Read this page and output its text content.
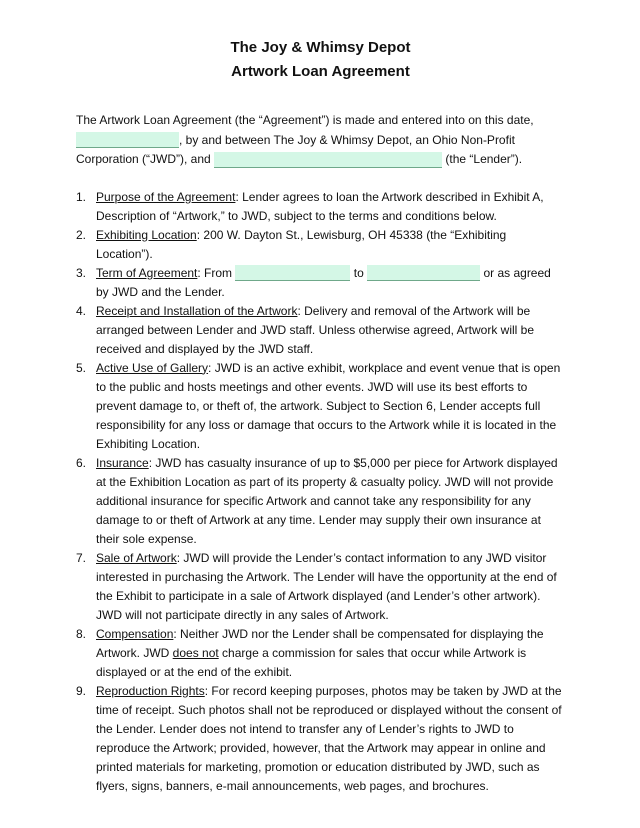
The Joy & Whimsy Depot
Artwork Loan Agreement
The Artwork Loan Agreement (the “Agreement”) is made and entered into on this date,
, by and between The Joy & Whimsy Depot, an Ohio Non-Profit
Corporation (“JWD”), and	(the “Lender”).
1. Purpose of the Agreement: Lender agrees to loan the Artwork described in Exhibit A, Description of “Artwork,” to JWD, subject to the terms and conditions below.
2. Exhibiting Location: 200 W. Dayton St., Lewisburg, OH 45338 (the “Exhibiting Location”).
3. Term of Agreement: From	to	or as agreed
by JWD and the Lender.
4. Receipt and Installation of the Artwork: Delivery and removal of the Artwork will be arranged between Lender and JWD staff. Unless otherwise agreed, Artwork will be received and displayed by the JWD staff.
5. Active Use of Gallery: JWD is an active exhibit, workplace and event venue that is open to the public and hosts meetings and other events. JWD will use its best efforts to prevent damage to, or theft of, the artwork. Subject to Section 6, Lender accepts full responsibility for any loss or damage that occurs to the Artwork while it is located in the Exhibiting Location.
6. Insurance: JWD has casualty insurance of up to $5,000 per piece for Artwork displayed at the Exhibition Location as part of its property & casualty policy. JWD will not provide additional insurance for specific Artwork and cannot take any responsibility for any damage to or theft of Artwork at any time. Lender may supply their own insurance at their sole expense.
7. Sale of Artwork: JWD will provide the Lender’s contact information to any JWD visitor interested in purchasing the Artwork. The Lender will have the opportunity at the end of the Exhibit to participate in a sale of Artwork displayed (and Lender’s other artwork). JWD will not participate directly in any sales of Artwork.
8. Compensation: Neither JWD nor the Lender shall be compensated for displaying the Artwork. JWD does not charge a commission for sales that occur while Artwork is displayed or at the end of the exhibit.
9. Reproduction Rights: For record keeping purposes, photos may be taken by JWD at the time of receipt. Such photos shall not be reproduced or displayed without the consent of the Lender. Lender does not intend to transfer any of Lender’s rights to JWD to reproduce the Artwork; provided, however, that the Artwork may appear in online and printed materials for marketing, promotion or education distributed by JWD, such as flyers, signs, banners, e-mail announcements, web pages, and brochures.
